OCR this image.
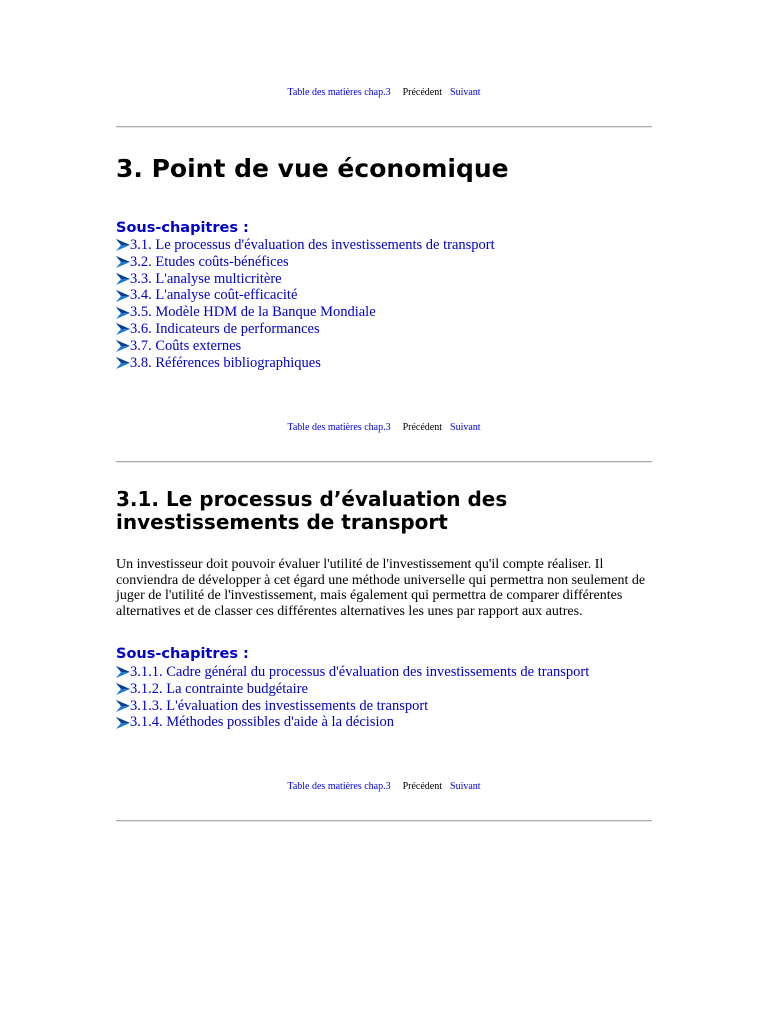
Table des matières chap.3 Précédent Suivant
3. Point de vue économique
Sous-chapitres :
3.1. Le processus d'évaluation des investissements de transport
3.2. Etudes coûts-bénéfices
3.3. L'analyse multicritère
3.4. L'analyse coût-efficacité
3.5. Modèle HDM de la Banque Mondiale
3.6. Indicateurs de performances
3.7. Coûts externes
3.8. Références bibliographiques
Table des matières chap.3 Précédent Suivant
3.1. Le processus d’évaluation des investissements de transport

Un investisseur doit pouvoir évaluer l'utilité de l'investissement qu'il compte réaliser. Il conviendra de développer à cet égard une méthode universelle qui permettra non seulement de juger de l'utilité de l'investissement, mais également qui permettra de comparer différentes alternatives et de classer ces différentes alternatives les unes par rapport aux autres.

Sous-chapitres :
3.1.1. Cadre général du processus d'évaluation des investissements de transport
3.1.2. La contrainte budgétaire
3.1.3. L'évaluation des investissements de transport
3.1.4. Méthodes possibles d'aide à la décision
Table des matières chap.3 Précédent Suivant
